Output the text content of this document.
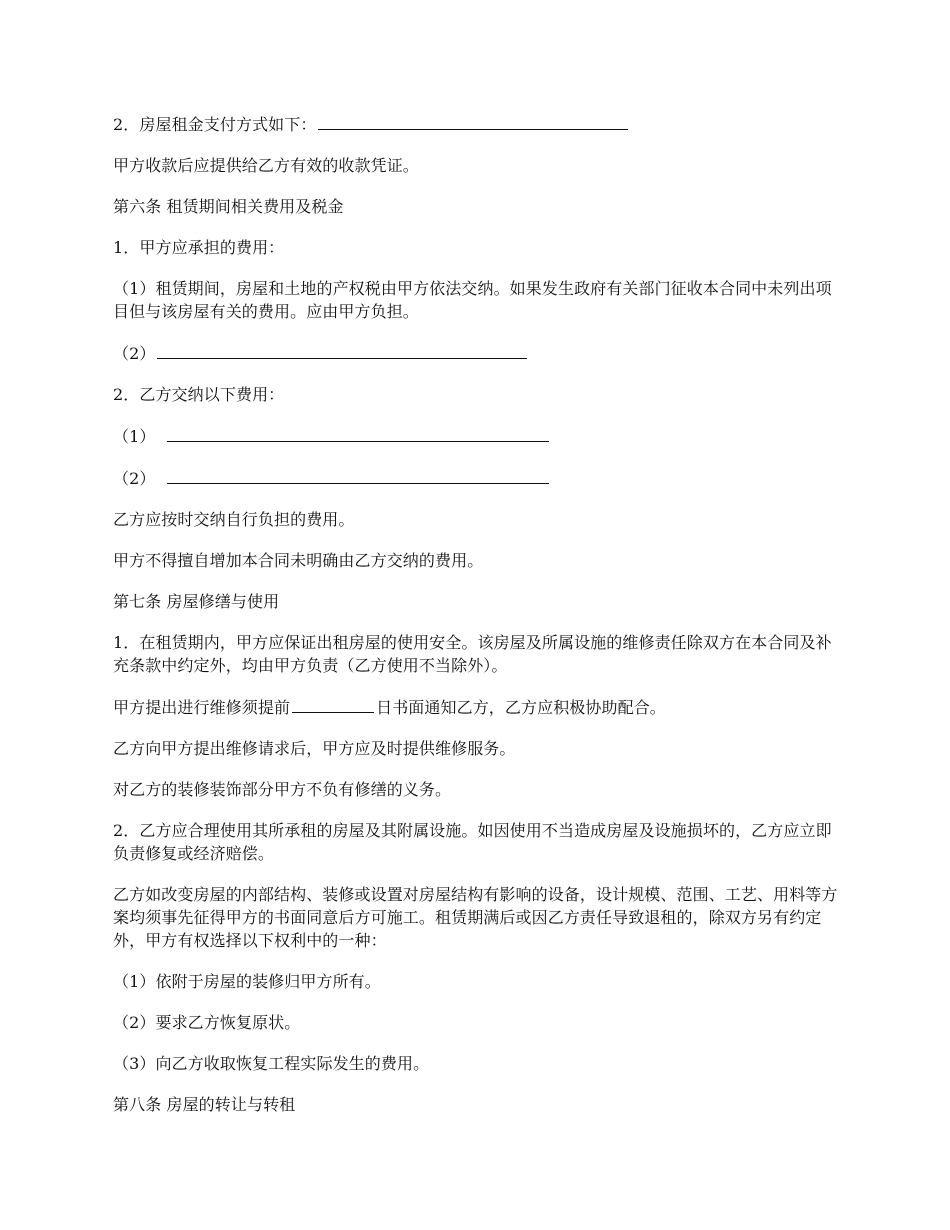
2．房屋租金支付方式如下：

甲方收款后应提供给乙方有效的收款凭证。

第六条 租赁期间相关费用及税金

1．甲方应承担的费用：

（1）租赁期间，房屋和土地的产权税由甲方依法交纳。如果发生政府有关部门征收本合同中未列出项目但与该房屋有关的费用。应由甲方负担。

（2）

2．乙方交纳以下费用：

（1）

（2）

乙方应按时交纳自行负担的费用。

甲方不得擅自增加本合同未明确由乙方交纳的费用。

第七条 房屋修缮与使用

1．在租赁期内，甲方应保证出租房屋的使用安全。该房屋及所属设施的维修责任除双方在本合同及补充条款中约定外，均由甲方负责（乙方使用不当除外）。

甲方提出进行维修须提前	日书面通知乙方，乙方应积极协助配合。

乙方向甲方提出维修请求后，甲方应及时提供维修服务。

对乙方的装修装饰部分甲方不负有修缮的义务。

2．乙方应合理使用其所承租的房屋及其附属设施。如因使用不当造成房屋及设施损坏的，乙方应立即负责修复或经济赔偿。

乙方如改变房屋的内部结构、装修或设置对房屋结构有影响的设备，设计规模、范围、工艺、用料等方案均须事先征得甲方的书面同意后方可施工。租赁期满后或因乙方责任导致退租的，除双方另有约定外，甲方有权选择以下权利中的一种：

（1）依附于房屋的装修归甲方所有。

（2）要求乙方恢复原状。

（3）向乙方收取恢复工程实际发生的费用。

第八条 房屋的转让与转租
